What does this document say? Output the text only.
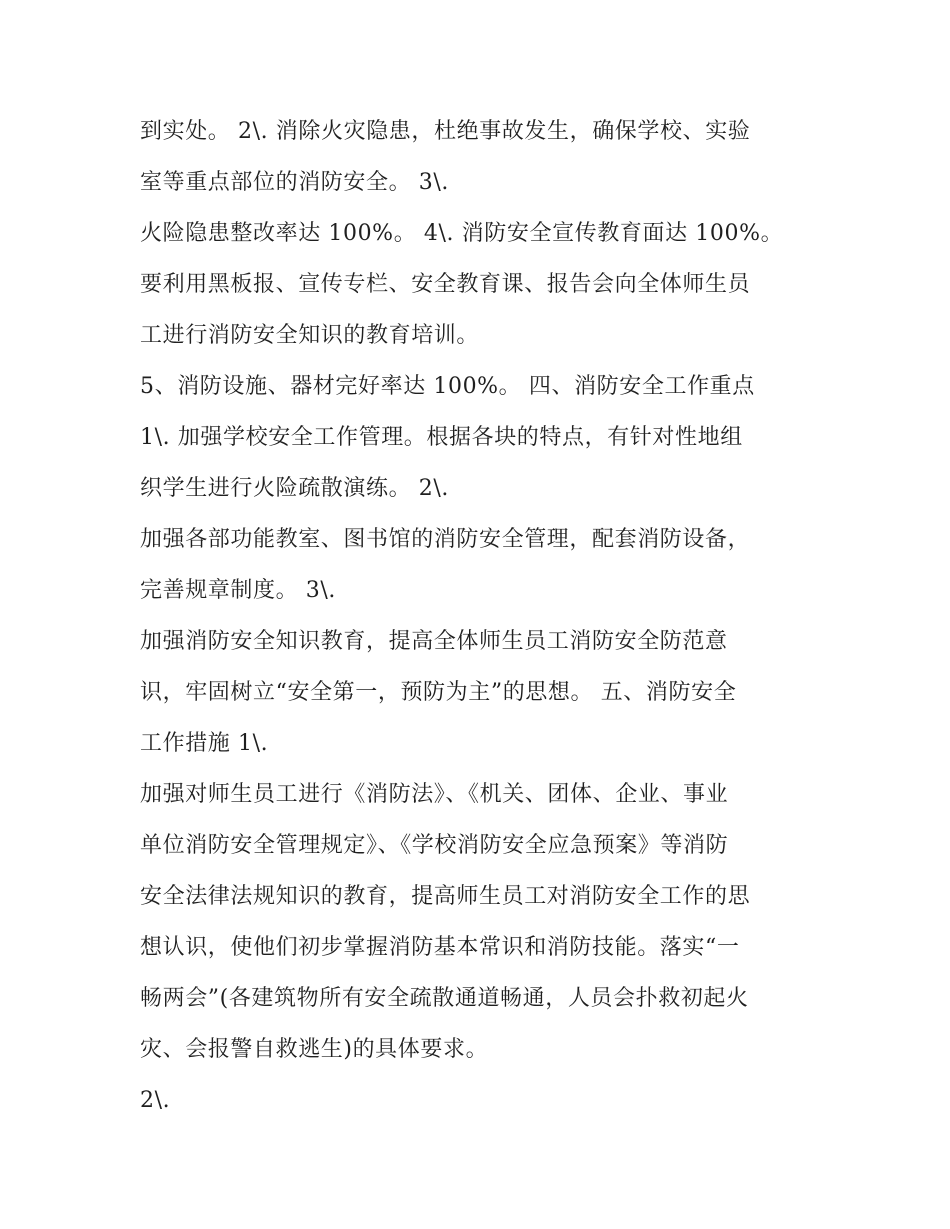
到实处。 2\. 消除火灾隐患，杜绝事故发生，确保学校、实验
室等重点部位的消防安全。 3\.
火险隐患整改率达 100%。 4\. 消防安全宣传教育面达 100%。
要利用黑板报、宣传专栏、安全教育课、报告会向全体师生员
工进行消防安全知识的教育培训。
5、消防设施、器材完好率达 100%。 四、消防安全工作重点
1\. 加强学校安全工作管理。根据各块的特点，有针对性地组
织学生进行火险疏散演练。 2\.
加强各部功能教室、图书馆的消防安全管理，配套消防设备，
完善规章制度。 3\.
加强消防安全知识教育，提高全体师生员工消防安全防范意
识，牢固树立“安全第一，预防为主”的思想。 五、消防安全
工作措施 1\.
加强对师生员工进行《消防法》、《机关、团体、企业、事业
单位消防安全管理规定》、《学校消防安全应急预案》等消防
安全法律法规知识的教育，提高师生员工对消防安全工作的思
想认识，使他们初步掌握消防基本常识和消防技能。落实“一
畅两会”(各建筑物所有安全疏散通道畅通，人员会扑救初起火
灾、会报警自救逃生)的具体要求。
2\.
